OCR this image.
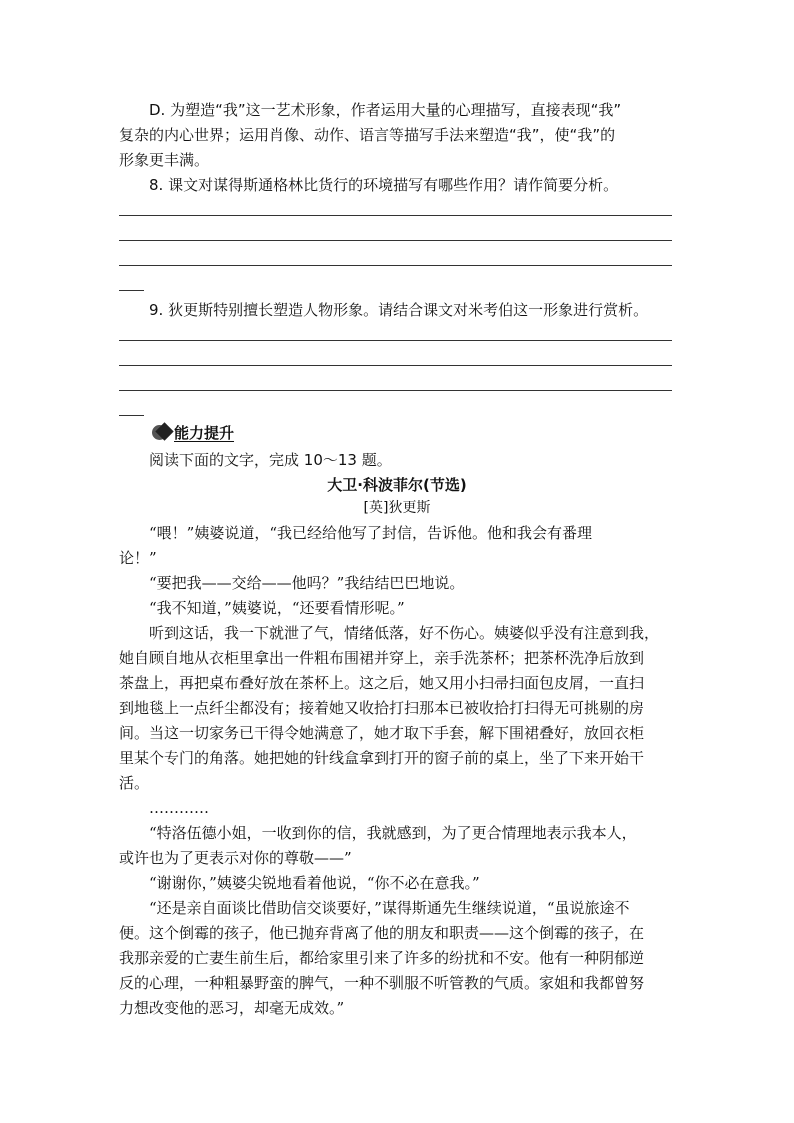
D. 为塑造“我”这一艺术形象，作者运用大量的心理描写，直接表现“我”
复杂的内心世界；运用肖像、动作、语言等描写手法来塑造“我”，使“我”的
形象更丰满。
8. 课文对谋得斯通格林比货行的环境描写有哪些作用？请作简要分析。
9. 狄更斯特别擅长塑造人物形象。请结合课文对米考伯这一形象进行赏析。
能力提升
阅读下面的文字，完成 10～13 题。
大卫·科波菲尔(节选)
[英]狄更斯
“喂！”姨婆说道，“我已经给他写了封信，告诉他。他和我会有番理
论！”
“要把我——交给——他吗？”我结结巴巴地说。
“我不知道，”姨婆说，“还要看情形呢。”
听到这话，我一下就泄了气，情绪低落，好不伤心。姨婆似乎没有注意到我，
她自顾自地从衣柜里拿出一件粗布围裙并穿上，亲手洗茶杯；把茶杯洗净后放到
茶盘上，再把桌布叠好放在茶杯上。这之后，她又用小扫帚扫面包皮屑，一直扫
到地毯上一点纤尘都没有；接着她又收拾打扫那本已被收拾打扫得无可挑剔的房
间。当这一切家务已干得令她满意了，她才取下手套，解下围裙叠好，放回衣柜
里某个专门的角落。她把她的针线盒拿到打开的窗子前的桌上，坐了下来开始干
活。
…………
“特洛伍德小姐，一收到你的信，我就感到，为了更合情理地表示我本人，
或许也为了更表示对你的尊敬——”
“谢谢你，”姨婆尖锐地看着他说，“你不必在意我。”
“还是亲自面谈比借助信交谈要好，”谋得斯通先生继续说道，“虽说旅途不
便。这个倒霉的孩子，他已抛弃背离了他的朋友和职责——这个倒霉的孩子，在
我那亲爱的亡妻生前生后，都给家里引来了许多的纷扰和不安。他有一种阴郁逆
反的心理，一种粗暴野蛮的脾气，一种不驯服不听管教的气质。家姐和我都曾努
力想改变他的恶习，却毫无成效。”
